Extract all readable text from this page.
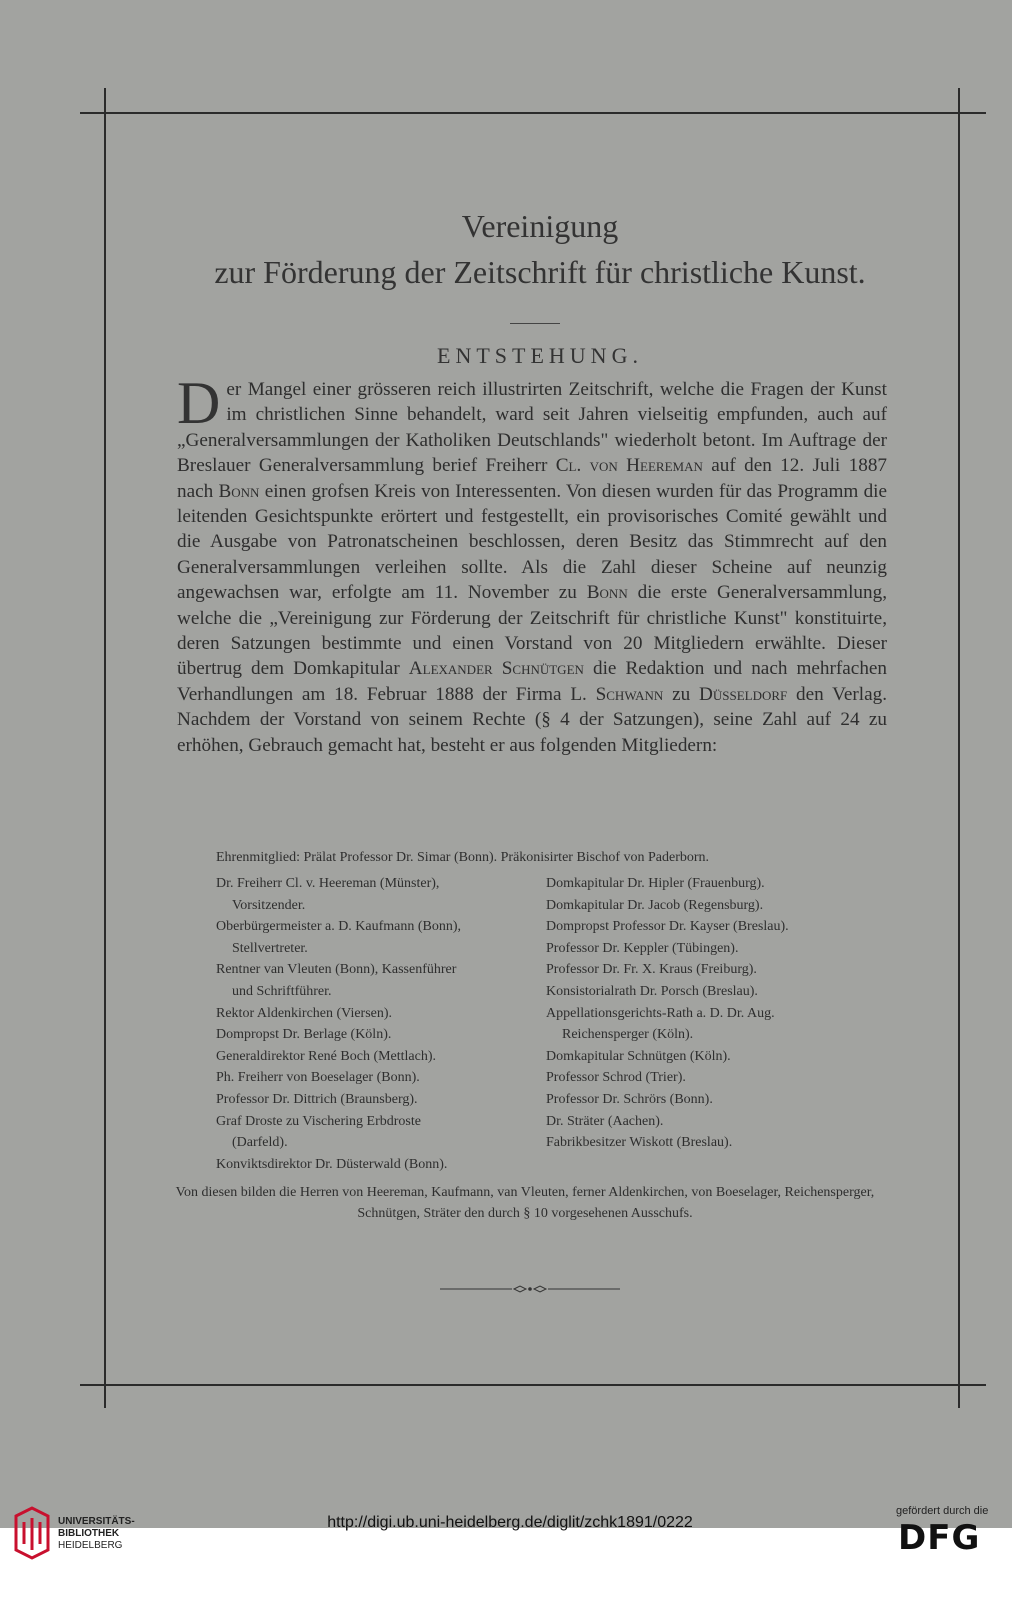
Vereinigung
zur Förderung der Zeitschrift für christliche Kunst.
ENTSTEHUNG.
Der Mangel einer grösseren reich illustrirten Zeitschrift, welche die Fragen der Kunst im christlichen Sinne behandelt, ward seit Jahren vielseitig empfunden, auch auf „Generalversammlungen der Katholiken Deutschlands" wiederholt betont. Im Auftrage der Breslauer Generalversammlung berief Freiherr Cl. von Heereman auf den 12. Juli 1887 nach Bonn einen grofsen Kreis von Interessenten. Von diesen wurden für das Programm die leitenden Gesichtspunkte erörtert und festgestellt, ein provisorisches Comité gewählt und die Ausgabe von Patronatscheinen beschlossen, deren Besitz das Stimmrecht auf den Generalversammlungen verleihen sollte. Als die Zahl dieser Scheine auf neunzig angewachsen war, erfolgte am 11. November zu Bonn die erste Generalversammlung, welche die „Vereinigung zur Förderung der Zeitschrift für christliche Kunst" konstituirte, deren Satzungen bestimmte und einen Vorstand von 20 Mitgliedern erwählte. Dieser übertrug dem Domkapitular Alexander Schnütgen die Redaktion und nach mehrfachen Verhandlungen am 18. Februar 1888 der Firma L. Schwann zu Düsseldorf den Verlag. Nachdem der Vorstand von seinem Rechte (§ 4 der Satzungen), seine Zahl auf 24 zu erhöhen, Gebrauch gemacht hat, besteht er aus folgenden Mitgliedern:
Ehrenmitglied: Prälat Professor Dr. Simar (Bonn). Präkonisirter Bischof von Paderborn.
Dr. Freiherr Cl. v. Heereman (Münster),
Vorsitzender.
Oberbürgermeister a. D. Kaufmann (Bonn),
Stellvertreter.
Rentner van Vleuten (Bonn), Kassenführer
und Schriftführer.
Rektor Aldenkirchen (Viersen).
Dompropst Dr. Berlage (Köln).
Generaldirektor René Boch (Mettlach).
Ph. Freiherr von Boeselager (Bonn).
Professor Dr. Dittrich (Braunsberg).
Graf Droste zu Vischering Erbdroste
(Darfeld).
Konviktsdirektor Dr. Düsterwald (Bonn).
Domkapitular Dr. Hipler (Frauenburg).
Domkapitular Dr. Jacob (Regensburg).
Dompropst Professor Dr. Kayser (Breslau).
Professor Dr. Keppler (Tübingen).
Professor Dr. Fr. X. Kraus (Freiburg).
Konsistorialrath Dr. Porsch (Breslau).
Appellationsgerichts-Rath a. D. Dr. Aug.
Reichensperger (Köln).
Domkapitular Schnütgen (Köln).
Professor Schrod (Trier).
Professor Dr. Schrörs (Bonn).
Dr. Sträter (Aachen).
Fabrikbesitzer Wiskott (Breslau).
Von diesen bilden die Herren von Heereman, Kaufmann, van Vleuten, ferner Aldenkirchen, von Boeselager, Reichensperger, Schnütgen, Sträter den durch § 10 vorgesehenen Ausschufs.
UNIVERSITÄTS-
BIBLIOTHEK
HEIDELBERG
http://digi.ub.uni-heidelberg.de/diglit/zchk1891/0222
gefördert durch die
DFG
